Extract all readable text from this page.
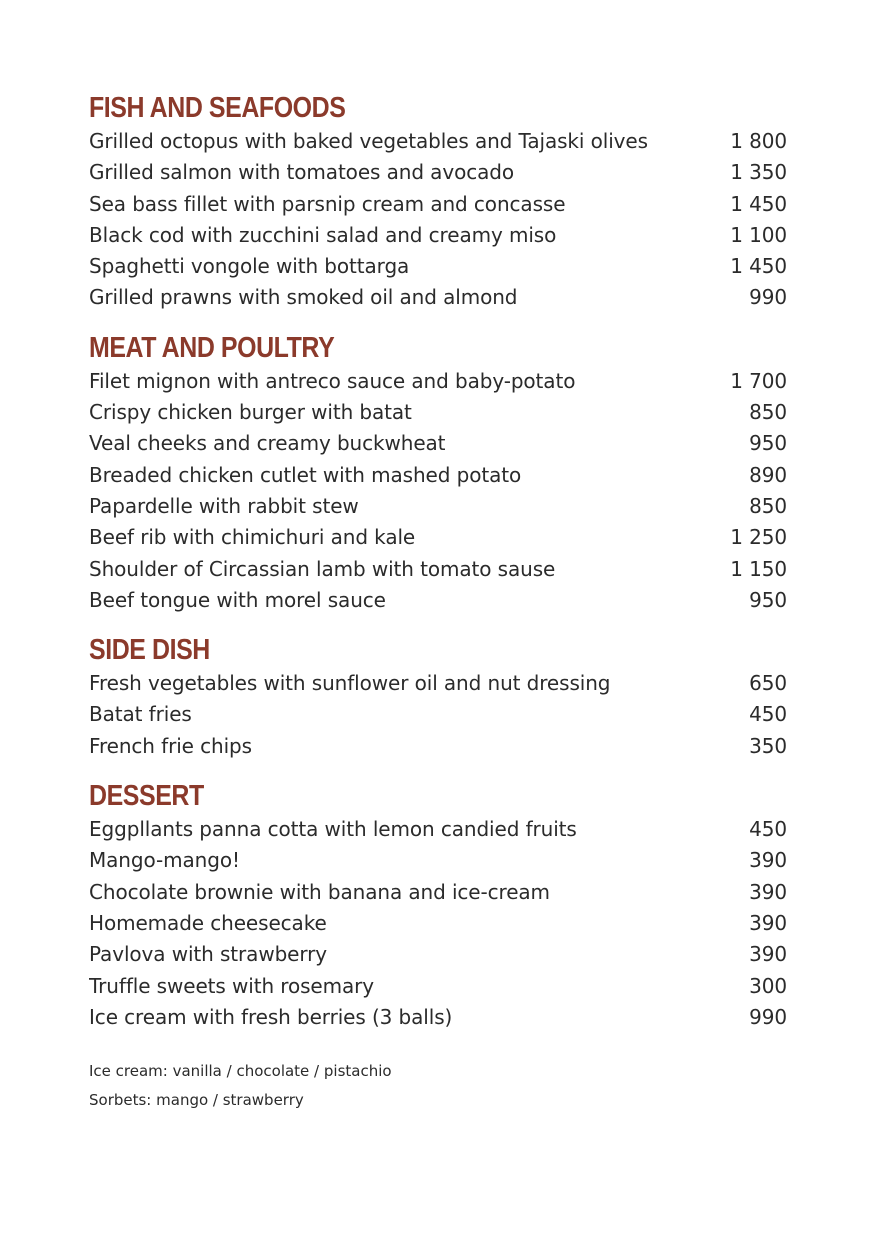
FISH AND SEAFOODS
Grilled octopus with baked vegetables and Tajaski olives	1 800
Grilled salmon with tomatoes and avocado	1 350
Sea bass fillet with parsnip cream and concasse	1 450
Black cod with zucchini salad and creamy miso	1 100
Spaghetti vongole with bottarga	1 450
Grilled prawns with smoked oil and almond	990
MEAT AND POULTRY
Filet mignon with antreco sauce and baby-potato	1 700
Crispy chicken burger with batat	850
Veal cheeks and creamy buckwheat	950
Breaded chicken cutlet with mashed potato	890
Papardelle with rabbit stew	850
Beef rib with chimichuri and kale	1 250
Shoulder of Circassian lamb with tomato sause	1 150
Beef tongue with morel sauce	950
SIDE DISH
Fresh vegetables with sunflower oil and nut dressing	650
Batat fries	450
French frie chips	350
DESSERT
Eggpllants panna cotta with lemon candied fruits	450
Mango-mango!	390
Chocolate brownie with banana and ice-cream	390
Homemade cheesecake	390
Pavlova with strawberry	390
Truffle sweets with rosemary	300
Ice cream with fresh berries (3 balls)	990
Ice cream: vanilla / chocolate / pistachio
Sorbets: mango / strawberry
